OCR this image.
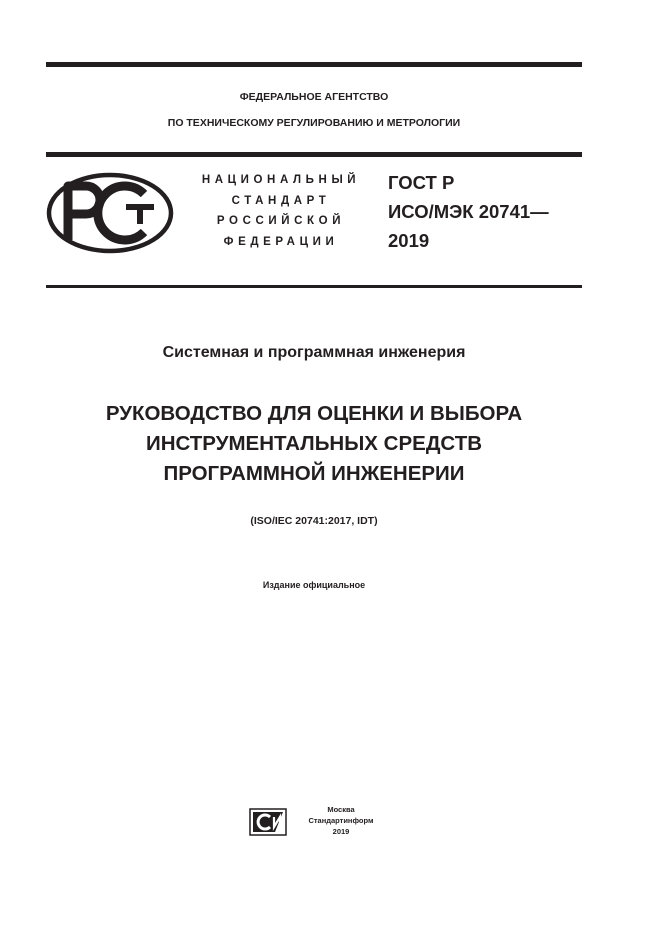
ФЕДЕРАЛЬНОЕ АГЕНТСТВО
ПО ТЕХНИЧЕСКОМУ РЕГУЛИРОВАНИЮ И МЕТРОЛОГИИ
НАЦИОНАЛЬНЫЙ
СТАНДАРТ
РОССИЙСКОЙ
ФЕДЕРАЦИИ
ГОСТ Р
ИСО/МЭК 20741—
2019
Системная и программная инженерия
РУКОВОДСТВО ДЛЯ ОЦЕНКИ И ВЫБОРА
ИНСТРУМЕНТАЛЬНЫХ СРЕДСТВ
ПРОГРАММНОЙ ИНЖЕНЕРИИ
(ISO/IEC 20741:2017, IDT)
Издание официальное
Москва
Стандартинформ
2019
